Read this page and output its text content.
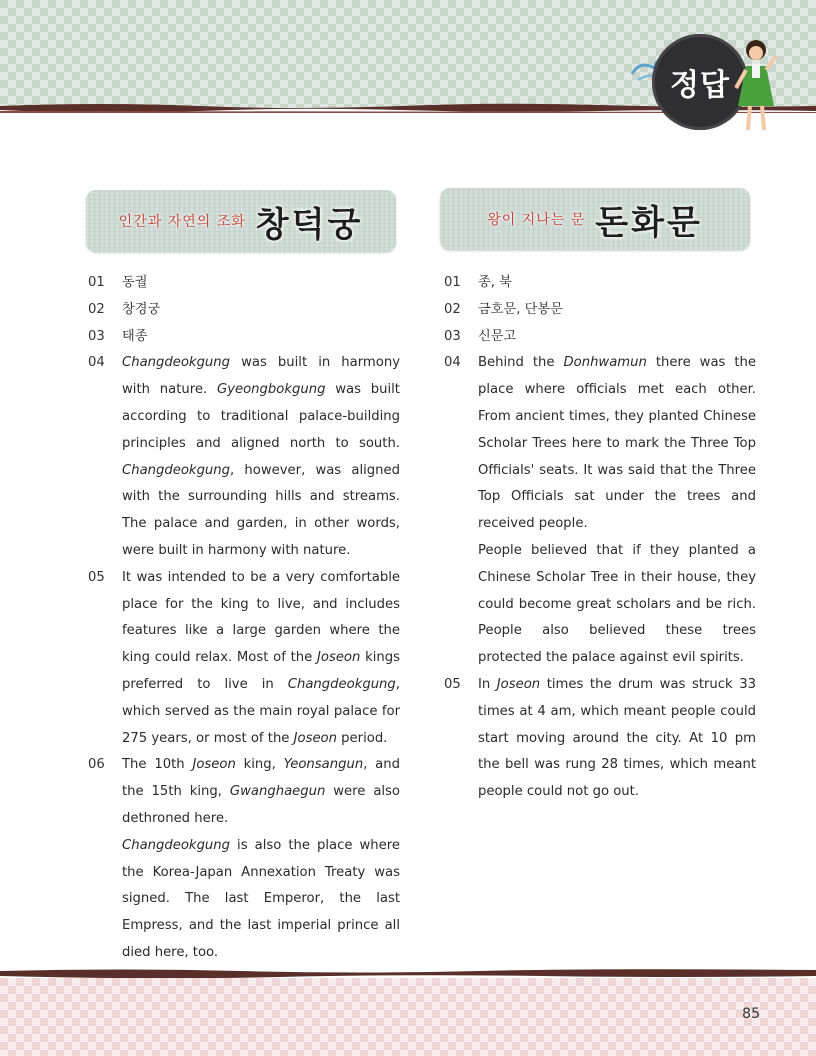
정답
인간과 자연의 조화 창덕궁	왕이 지나는 문 돈화문
01	동궐

02	창경궁

03	태종

04	Changdeokgung was built in harmony with nature. Gyeongbokgung was built according to traditional palace-building principles and aligned north to south. Changdeokgung, however, was aligned with the surrounding hills and streams. The palace and garden, in other words, were built in harmony with nature.

05	It was intended to be a very comfortable place for the king to live, and includes features like a large garden where the king could relax. Most of the Joseon kings preferred to live in Changdeokgung, which served as the main royal palace for 275 years, or most of the Joseon period.

06	The 10th Joseon king, Yeonsangun, and the 15th king, Gwanghaegun were also dethroned here.

Changdeokgung is also the place where the Korea-Japan Annexation Treaty was signed. The last Emperor, the last Empress, and the last imperial prince all died here, too.

01	종, 북

02	금호문, 단봉문

03	신문고

04	Behind the Donhwamun there was the place where officials met each other. From ancient times, they planted Chinese Scholar Trees here to mark the Three Top Officials' seats. It was said that the Three Top Officials sat under the trees and received people.

People believed that if they planted a Chinese Scholar Tree in their house, they could become great scholars and be rich. People also believed these trees protected the palace against evil spirits.

05	In Joseon times the drum was struck 33 times at 4 am, which meant people could start moving around the city. At 10 pm the bell was rung 28 times, which meant people could not go out.

85
